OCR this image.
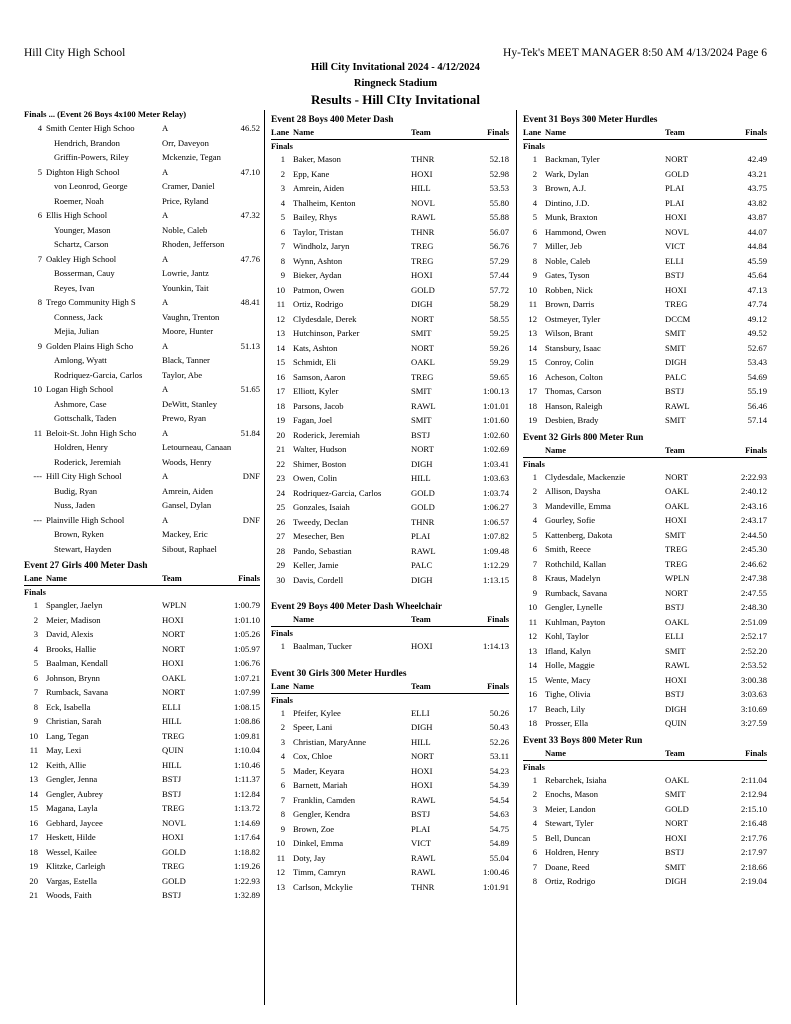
Hill City High School	Hy-Tek's MEET MANAGER 8:50 AM 4/13/2024 Page 6
Hill City Invitational 2024 - 4/12/2024
Ringneck Stadium
Results - Hill CIty Invitational
Finals ... (Event 26 Boys 4x100 Meter Relay)
4 Smith Center High Schoo	A	46.52
Hendrich, Brandon	Orr, Daveyon
Griffin-Powers, Riley	Mckenzie, Tegan
5 Dighton High School	A	47.10
von Leonrod, George	Cramer, Daniel
Roemer, Noah	Price, Ryland
6 Ellis High School	A	47.32
Younger, Mason	Noble, Caleb
Schartz, Carson	Rhoden, Jefferson
7 Oakley High School	A	47.76
Bosserman, Cauy	Lowrie, Jantz
Reyes, Ivan	Younkin, Tait
8 Trego Community High S	A	48.41
Conness, Jack	Vaughn, Trenton
Mejia, Julian	Moore, Hunter
9 Golden Plains High Scho	A	51.13
Amlong, Wyatt	Black, Tanner
Rodriquez-Garcia, Carlos	Taylor, Abe
10 Logan High School	A	51.65
Ashmore, Case	DeWitt, Stanley
Gottschalk, Taden	Prewo, Ryan
11 Beloit-St. John High Scho	A	51.84
Holdren, Henry	Letourneau, Canaan
Roderick, Jeremiah	Woods, Henry
--- Hill City High School	A	DNF
Budig, Ryan	Amrein, Aiden
Nuss, Jaden	Gansel, Dylan
--- Plainville High School	A	DNF
Brown, Ryken	Mackey, Eric
Stewart, Hayden	Sibout, Raphael
Event 27 Girls 400 Meter Dash
Lane Name	Team	Finals
Finals
1 Spangler, Jaelyn	WPLN	1:00.79
2 Meier, Madison	HOXI	1:01.10
3 David, Alexis	NORT	1:05.26
4 Brooks, Hallie	NORT	1:05.97
5 Baalman, Kendall	HOXI	1:06.76
6 Johnson, Brynn	OAKL	1:07.21
7 Rumback, Savana	NORT	1:07.99
8 Eck, Isabella	ELLI	1:08.15
9 Christian, Sarah	HILL	1:08.86
10 Lang, Tegan	TREG	1:09.81
11 May, Lexi	QUIN	1:10.04
12 Keith, Allie	HILL	1:10.46
13 Gengler, Jenna	BSTJ	1:11.37
14 Gengler, Aubrey	BSTJ	1:12.84
15 Magana, Layla	TREG	1:13.72
16 Gebhard, Jaycee	NOVL	1:14.69
17 Heskett, Hilde	HOXI	1:17.64
18 Wessel, Kailee	GOLD	1:18.82
19 Klitzke, Carleigh	TREG	1:19.26
20 Vargas, Estella	GOLD	1:22.93
21 Woods, Faith	BSTJ	1:32.89
Event 28 Boys 400 Meter Dash
Lane Name	Team	Finals
Finals
1 Baker, Mason	THNR	52.18
2 Epp, Kane	HOXI	52.98
3 Amrein, Aiden	HILL	53.53
4 Thalheim, Kenton	NOVL	55.80
5 Bailey, Rhys	RAWL	55.88
6 Taylor, Tristan	THNR	56.07
7 Windholz, Jaryn	TREG	56.76
8 Wynn, Ashton	TREG	57.29
9 Bieker, Aydan	HOXI	57.44
10 Patmon, Owen	GOLD	57.72
11 Ortiz, Rodrigo	DIGH	58.29
12 Clydesdale, Derek	NORT	58.55
13 Hutchinson, Parker	SMIT	59.25
14 Kats, Ashton	NORT	59.26
15 Schmidt, Eli	OAKL	59.29
16 Samson, Aaron	TREG	59.65
17 Elliott, Kyler	SMIT	1:00.13
18 Parsons, Jacob	RAWL	1:01.01
19 Fagan, Joel	SMIT	1:01.60
20 Roderick, Jeremiah	BSTJ	1:02.60
21 Walter, Hudson	NORT	1:02.69
22 Shimer, Boston	DIGH	1:03.41
23 Owen, Colin	HILL	1:03.63
24 Rodriquez-Garcia, Carlos	GOLD	1:03.74
25 Gonzales, Isaiah	GOLD	1:06.27
26 Tweedy, Declan	THNR	1:06.57
27 Mesecher, Ben	PLAI	1:07.82
28 Pando, Sebastian	RAWL	1:09.48
29 Keller, Jamie	PALC	1:12.29
30 Davis, Cordell	DIGH	1:13.15
Event 29 Boys 400 Meter Dash Wheelchair
Name	Team	Finals
Finals
1 Baalman, Tucker	HOXI	1:14.13
Event 30 Girls 300 Meter Hurdles
Lane Name	Team	Finals
Finals
1 Pfeifer, Kylee	ELLI	50.26
2 Speer, Lani	DIGH	50.43
3 Christian, MaryAnne	HILL	52.26
4 Cox, Chloe	NORT	53.11
5 Mader, Keyara	HOXI	54.23
6 Barnett, Mariah	HOXI	54.39
7 Franklin, Camden	RAWL	54.54
8 Gengler, Kendra	BSTJ	54.63
9 Brown, Zoe	PLAI	54.75
10 Dinkel, Emma	VICT	54.89
11 Doty, Jay	RAWL	55.04
12 Timm, Camryn	RAWL	1:00.46
13 Carlson, Mckylie	THNR	1:01.91
Event 31 Boys 300 Meter Hurdles
Lane Name	Team	Finals
Finals
1 Backman, Tyler	NORT	42.49
2 Wark, Dylan	GOLD	43.21
3 Brown, A.J.	PLAI	43.75
4 Dintino, J.D.	PLAI	43.82
5 Munk, Braxton	HOXI	43.87
6 Hammond, Owen	NOVL	44.07
7 Miller, Jeb	VICT	44.84
8 Noble, Caleb	ELLI	45.59
9 Gates, Tyson	BSTJ	45.64
10 Robben, Nick	HOXI	47.13
11 Brown, Darris	TREG	47.74
12 Ostmeyer, Tyler	DCCM	49.12
13 Wilson, Brant	SMIT	49.52
14 Stansbury, Isaac	SMIT	52.67
15 Conroy, Colin	DIGH	53.43
16 Acheson, Colton	PALC	54.69
17 Thomas, Carson	BSTJ	55.19
18 Hanson, Raleigh	RAWL	56.46
19 Desbien, Brady	SMIT	57.14
Event 32 Girls 800 Meter Run
Name	Team	Finals
Finals
1 Clydesdale, Mackenzie	NORT	2:22.93
2 Allison, Daysha	OAKL	2:40.12
3 Mandeville, Emma	OAKL	2:43.16
4 Gourley, Sofie	HOXI	2:43.17
5 Kattenberg, Dakota	SMIT	2:44.50
6 Smith, Reece	TREG	2:45.30
7 Rothchild, Kallan	TREG	2:46.62
8 Kraus, Madelyn	WPLN	2:47.38
9 Rumback, Savana	NORT	2:47.55
10 Gengler, Lynelle	BSTJ	2:48.30
11 Kuhlman, Payton	OAKL	2:51.09
12 Kohl, Taylor	ELLI	2:52.17
13 Ifland, Kalyn	SMIT	2:52.20
14 Holle, Maggie	RAWL	2:53.52
15 Wente, Macy	HOXI	3:00.38
16 Tighe, Olivia	BSTJ	3:03.63
17 Beach, Lily	DIGH	3:10.69
18 Prosser, Ella	QUIN	3:27.59
Event 33 Boys 800 Meter Run
Name	Team	Finals
Finals
1 Rebarchek, Isiaha	OAKL	2:11.04
2 Enochs, Mason	SMIT	2:12.94
3 Meier, Landon	GOLD	2:15.10
4 Stewart, Tyler	NORT	2:16.48
5 Bell, Duncan	HOXI	2:17.76
6 Holdren, Henry	BSTJ	2:17.97
7 Doane, Reed	SMIT	2:18.66
8 Ortiz, Rodrigo	DIGH	2:19.04
